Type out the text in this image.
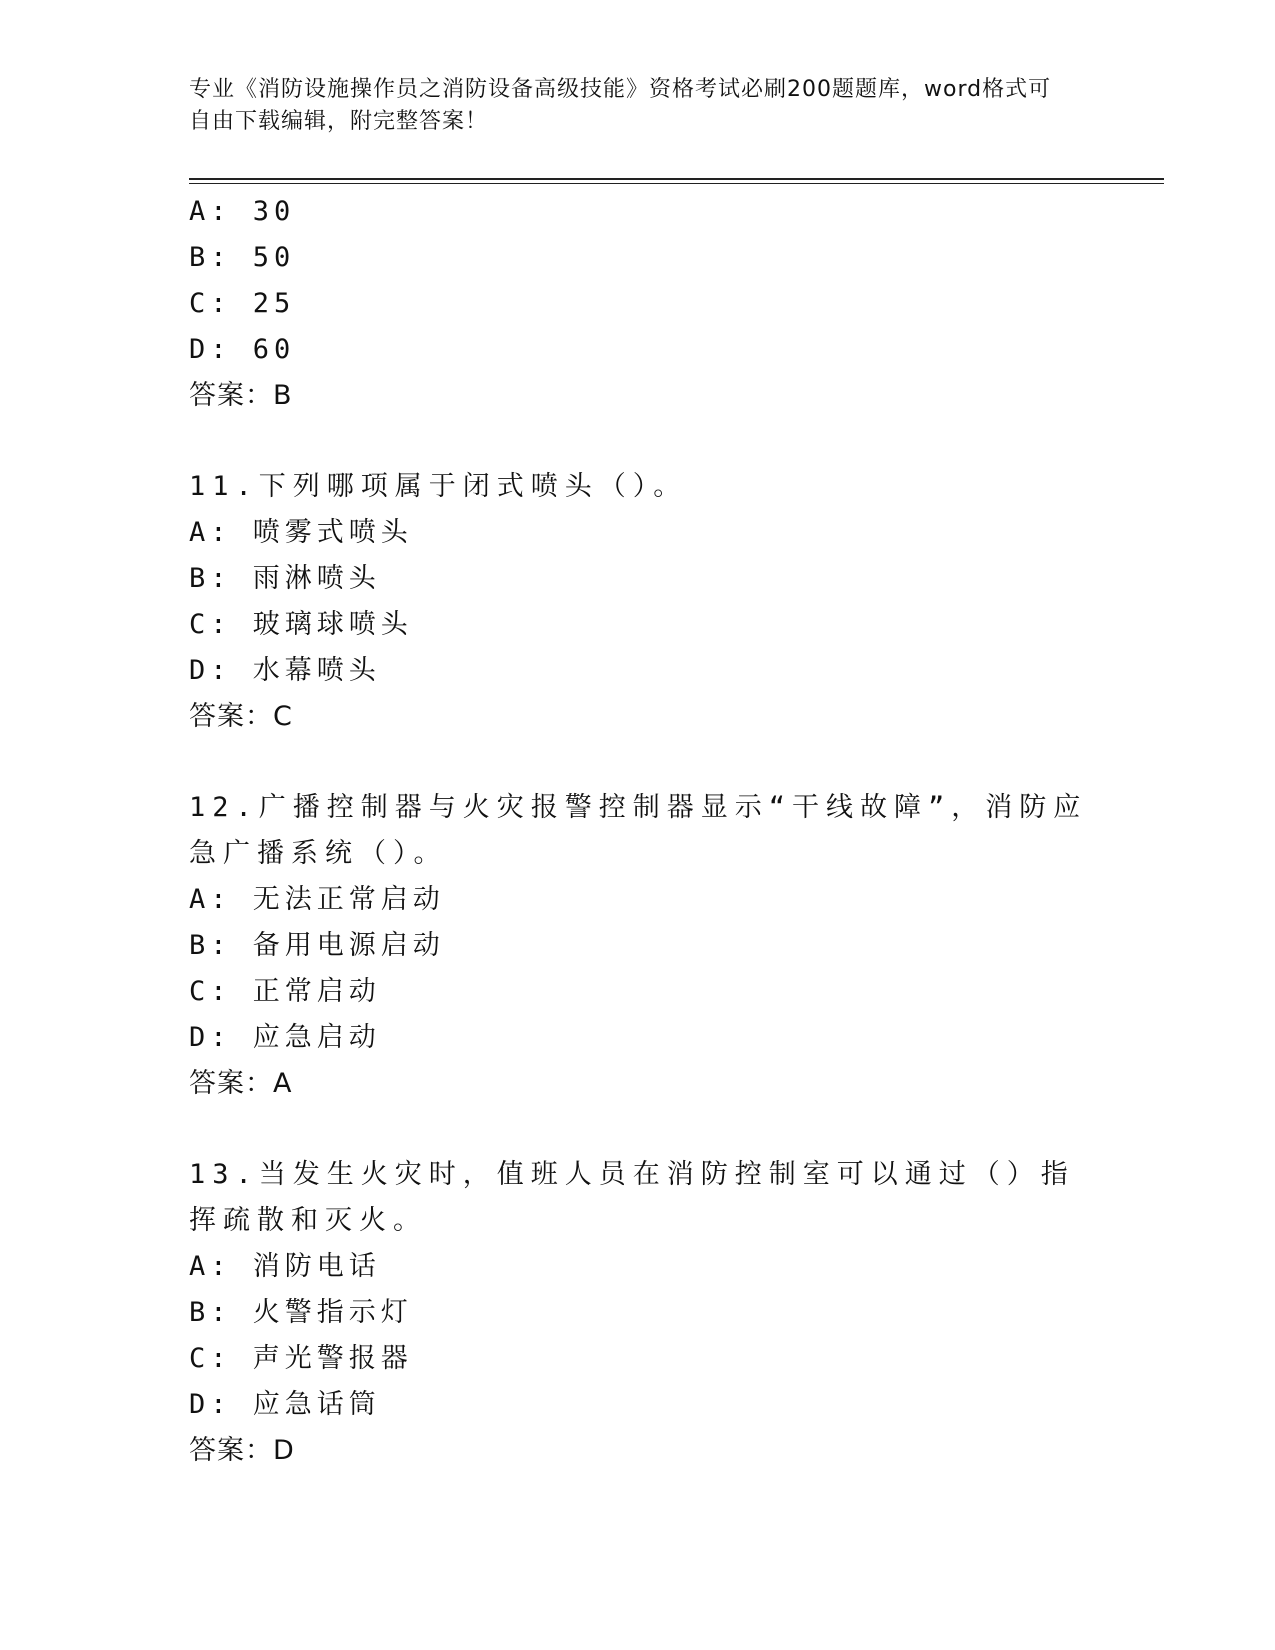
专业《消防设施操作员之消防设备高级技能》资格考试必刷200题题库，word格式可自由下载编辑，附完整答案！
A: 30
B: 50
C: 25
D: 60
答案：B
11.下列哪项属于闭式喷头（）。
A: 喷雾式喷头
B: 雨淋喷头
C: 玻璃球喷头
D: 水幕喷头
答案：C
12.广播控制器与火灾报警控制器显示“干线故障”，消防应急广播系统（）。
A: 无法正常启动
B: 备用电源启动
C: 正常启动
D: 应急启动
答案：A
13.当发生火灾时，值班人员在消防控制室可以通过（）指挥疏散和灭火。
A: 消防电话
B: 火警指示灯
C: 声光警报器
D: 应急话筒
答案：D
